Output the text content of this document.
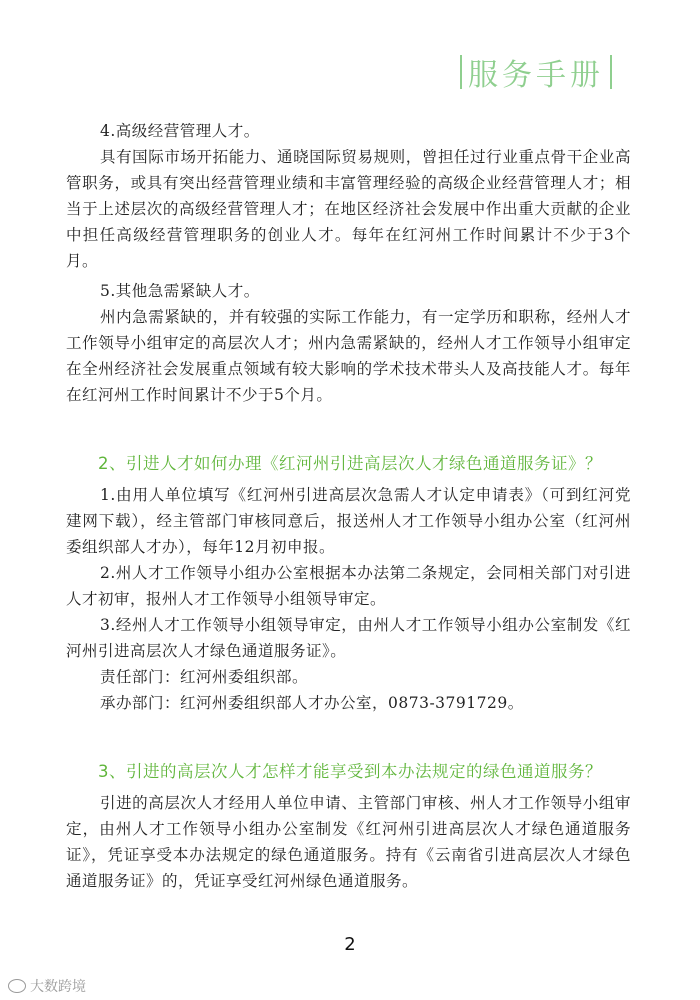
服务手册
4.高级经营管理人才。
具有国际市场开拓能力、通晓国际贸易规则，曾担任过行业重点骨干企业高管职务，或具有突出经营管理业绩和丰富管理经验的高级企业经营管理人才；相当于上述层次的高级经营管理人才；在地区经济社会发展中作出重大贡献的企业中担任高级经营管理职务的创业人才。每年在红河州工作时间累计不少于3个月。
5.其他急需紧缺人才。
州内急需紧缺的，并有较强的实际工作能力，有一定学历和职称，经州人才工作领导小组审定的高层次人才；州内急需紧缺的，经州人才工作领导小组审定在全州经济社会发展重点领域有较大影响的学术技术带头人及高技能人才。每年在红河州工作时间累计不少于5个月。
2、引进人才如何办理《红河州引进高层次人才绿色通道服务证》？
1.由用人单位填写《红河州引进高层次急需人才认定申请表》（可到红河党建网下载），经主管部门审核同意后，报送州人才工作领导小组办公室（红河州委组织部人才办），每年12月初申报。
2.州人才工作领导小组办公室根据本办法第二条规定，会同相关部门对引进人才初审，报州人才工作领导小组领导审定。
3.经州人才工作领导小组领导审定，由州人才工作领导小组办公室制发《红河州引进高层次人才绿色通道服务证》。
责任部门：红河州委组织部。
承办部门：红河州委组织部人才办公室，0873-3791729。
3、引进的高层次人才怎样才能享受到本办法规定的绿色通道服务？
引进的高层次人才经用人单位申请、主管部门审核、州人才工作领导小组审定，由州人才工作领导小组办公室制发《红河州引进高层次人才绿色通道服务证》，凭证享受本办法规定的绿色通道服务。持有《云南省引进高层次人才绿色通道服务证》的，凭证享受红河州绿色通道服务。
2
大数跨境
